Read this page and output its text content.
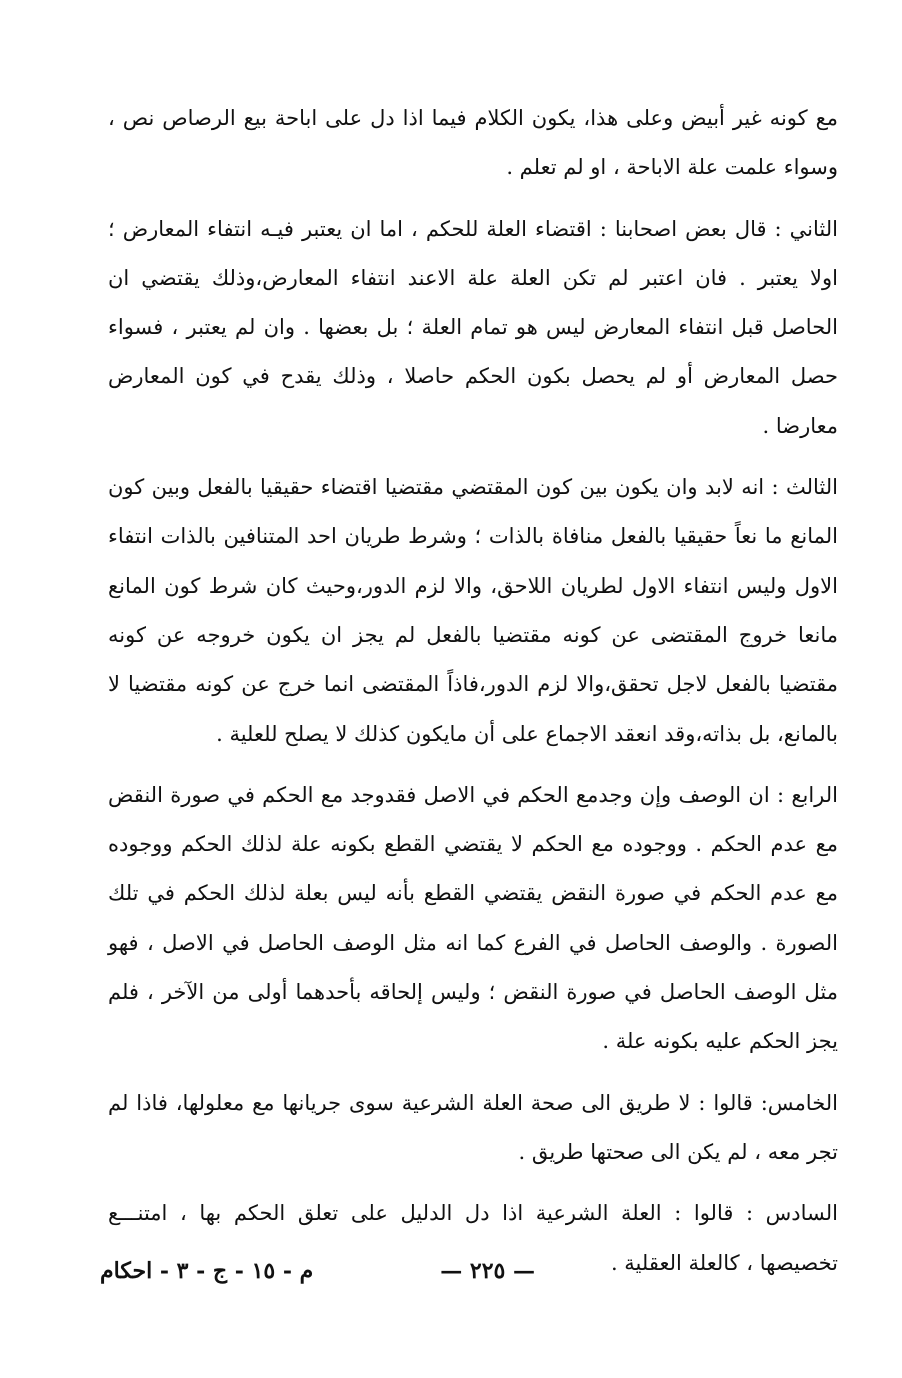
مع كونه غير أبيض وعلى هذا، يكون الكلام فيما اذا دل على اباحة بيع الرصاص نص ، وسواء علمت علة الاباحة ، او لم تعلم .

الثاني : قال بعض اصحابنا : اقتضاء العلة للحكم ، اما ان يعتبر فيـه انتفاء المعارض ؛ اولا يعتبر . فان اعتبر لم تكن العلة علة الاعند انتفاء المعارض،وذلك يقتضي ان الحاصل قبل انتفاء المعارض ليس هو تمام العلة ؛ بل بعضها . وان لم يعتبر ، فسواء حصل المعارض أو لم يحصل بكون الحكم حاصلا ، وذلك يقدح في كون المعارض معارضا .

الثالث : انه لابد وان يكون بين كون المقتضي مقتضيا اقتضاء حقيقيا بالفعل وبين كون المانع ما نعاً حقيقيا بالفعل منافاة بالذات ؛ وشرط طريان احد المتنافين بالذات انتفاء الاول وليس انتفاء الاول لطريان اللاحق، والا لزم الدور،وحيث كان شرط كون المانع مانعا خروج المقتضى عن كونه مقتضيا بالفعل لم يجز ان يكون خروجه عن كونه مقتضيا بالفعل لاجل تحقق،والا لزم الدور،فاذاً المقتضى انما خرج عن كونه مقتضيا لا بالمانع، بل بذاته،وقد انعقد الاجماع على أن مايكون كذلك لا يصلح للعلية .

الرابع : ان الوصف وإن وجدمع الحكم في الاصل فقدوجد مع الحكم في صورة النقض مع عدم الحكم . ووجوده مع الحكم لا يقتضي القطع بكونه علة لذلك الحكم ووجوده مع عدم الحكم في صورة النقض يقتضي القطع بأنه ليس بعلة لذلك الحكم في تلك الصورة . والوصف الحاصل في الفرع كما انه مثل الوصف الحاصل في الاصل ، فهو مثل الوصف الحاصل في صورة النقض ؛ وليس إلحاقه بأحدهما أولى من الآخر ، فلم يجز الحكم عليه بكونه علة .

الخامس: قالوا : لا طريق الى صحة العلة الشرعية سوى جريانها مع معلولها، فاذا لم تجر معه ، لم يكن الى صحتها طريق .

السادس : قالوا : العلة الشرعية اذا دل الدليل على تعلق الحكم بها ، امتنـــع تخصيصها ، كالعلة العقلية .

— ٢٢٥ —
م - ١٥ - ج - ٣ - احكام
